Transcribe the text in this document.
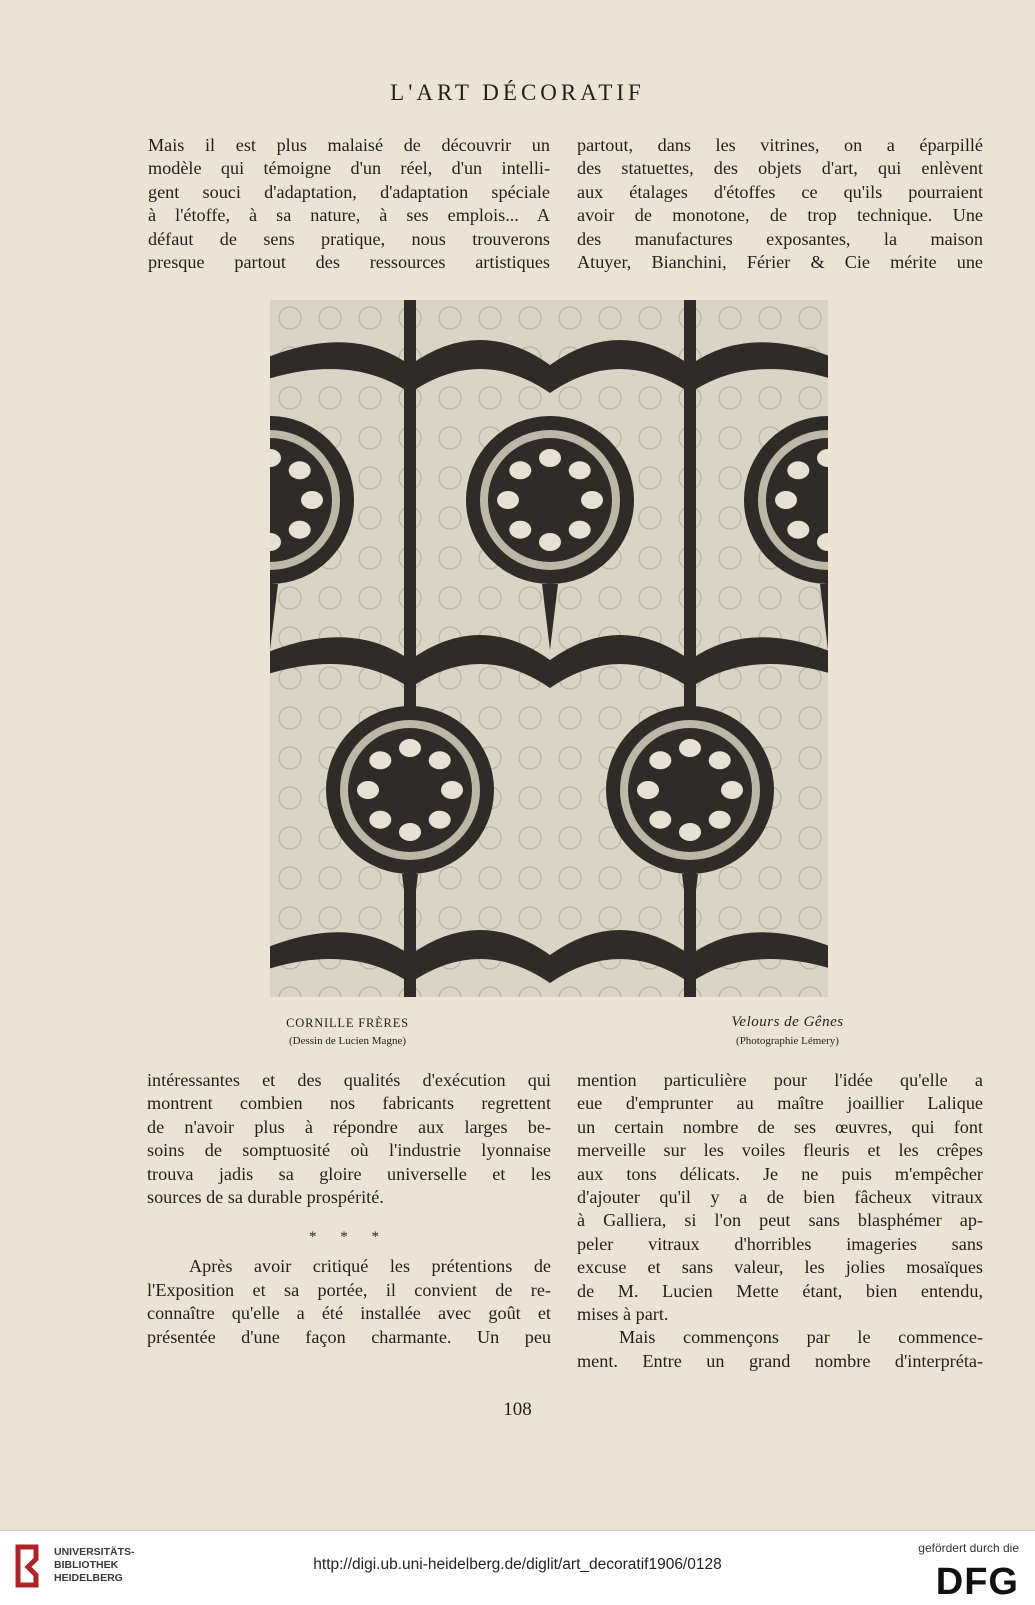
L'ART DÉCORATIF
Mais il est plus malaisé de découvrir un
modèle qui témoigne d'un réel, d'un intelli-
gent souci d'adaptation, d'adaptation spéciale
à l'étoffe, à sa nature, à ses emplois... A
défaut de sens pratique, nous trouverons
presque partout des ressources artistiques
partout, dans les vitrines, on a éparpillé
des statuettes, des objets d'art, qui enlèvent
aux étalages d'étoffes ce qu'ils pourraient
avoir de monotone, de trop technique. Une
des manufactures exposantes, la maison
Atuyer, Bianchini, Férier & Cie mérite une
CORNILLE FRÈRES
(Dessin de Lucien Magne)
Velours de Gênes
(Photographie Lémery)
intéressantes et des qualités d'exécution qui
montrent combien nos fabricants regrettent
de n'avoir plus à répondre aux larges be-
soins de somptuosité où l'industrie lyonnaise
trouva jadis sa gloire universelle et les
sources de sa durable prospérité.
* * *
Après avoir critiqué les prétentions de
l'Exposition et sa portée, il convient de re-
connaître qu'elle a été installée avec goût et
présentée d'une façon charmante. Un peu
mention particulière pour l'idée qu'elle a
eue d'emprunter au maître joaillier Lalique
un certain nombre de ses œuvres, qui font
merveille sur les voiles fleuris et les crêpes
aux tons délicats. Je ne puis m'empêcher
d'ajouter qu'il y a de bien fâcheux vitraux
à Galliera, si l'on peut sans blasphémer ap-
peler vitraux d'horribles imageries sans
excuse et sans valeur, les jolies mosaïques
de M. Lucien Mette étant, bien entendu,
mises à part.
Mais commençons par le commence-
ment. Entre un grand nombre d'interpréta-
108
UNIVERSITÄTS-
BIBLIOTHEK
HEIDELBERG
http://digi.ub.uni-heidelberg.de/diglit/art_decoratif1906/0128
gefördert durch die
DFG
